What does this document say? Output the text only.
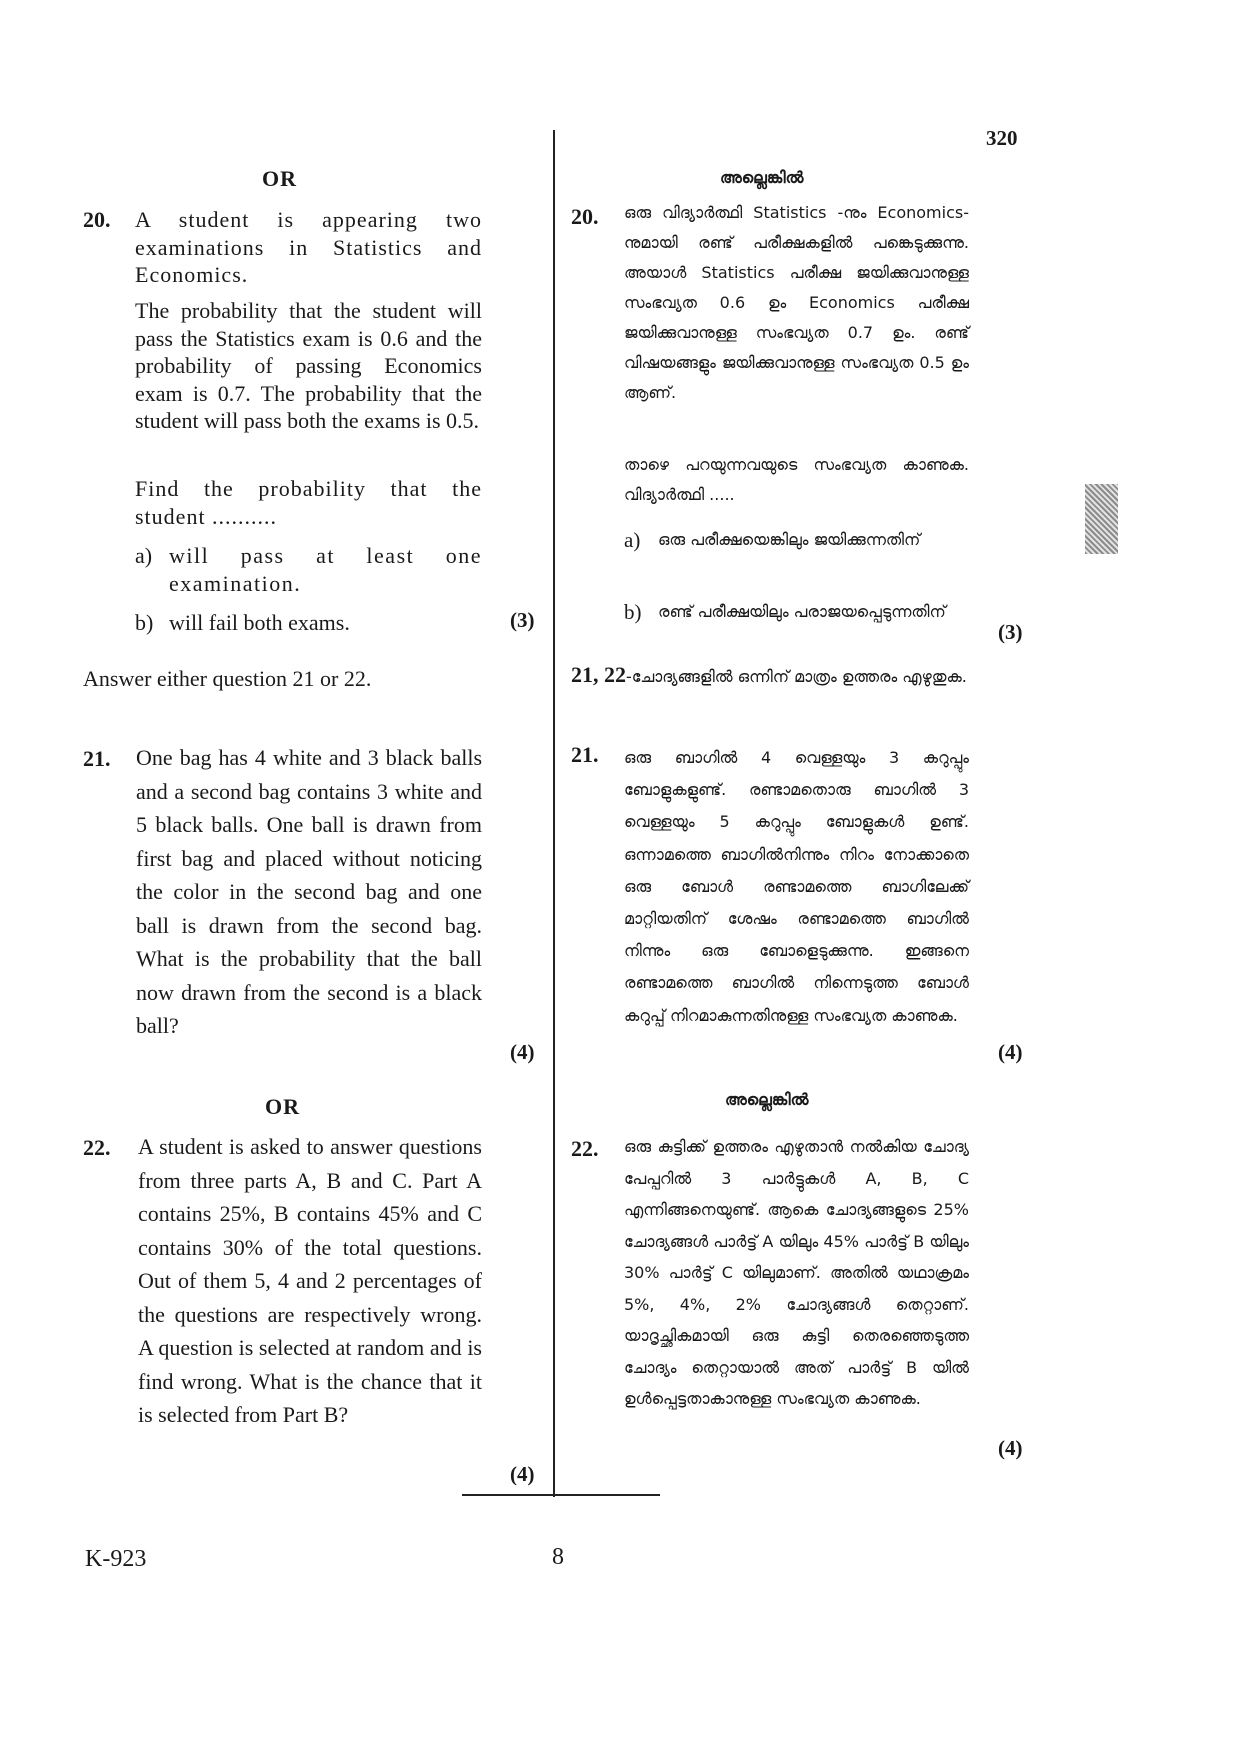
320
K-923	8
OR
20. A student is appearing two examinations in Statistics and Economics.
The probability that the student will pass the Statistics exam is 0.6 and the probability of passing Economics exam is 0.7. The probability that the student will pass both the exams is 0.5.
Find the probability that the student ..........
a) will pass at least one examination.
b) will fail both exams.	(3)
Answer either question 21 or 22.
21. One bag has 4 white and 3 black balls and a second bag contains 3 white and 5 black balls. One ball is drawn from first bag and placed without noticing the color in the second bag and one ball is drawn from the second bag. What is the probability that the ball now drawn from the second is a black ball?
(4)
OR
22. A student is asked to answer questions from three parts A, B and C. Part A contains 25%, B contains 45% and C contains 30% of the total questions. Out of them 5, 4 and 2 percentages of the questions are respectively wrong. A question is selected at random and is find wrong. What is the chance that it is selected from Part B?
(4)
അല്ലെങ്കിൽ
20. ഒരു വിദ്യാർത്ഥി Statistics -നും Economics-നുമായി രണ്ട് പരീക്ഷകളിൽ പങ്കെടുക്കുന്നു. അയാൾ Statistics പരീക്ഷ ജയിക്കുവാനുള്ള സംഭവ്യത 0.6 ഉം Economics പരീക്ഷ ജയിക്കുവാനുള്ള സംഭവ്യത 0.7 ഉം. രണ്ട് വിഷയങ്ങളും ജയിക്കുവാനുള്ള സംഭവ്യത 0.5 ഉം ആണ്.
താഴെ പറയുന്നവയുടെ സംഭവ്യത കാണുക. വിദ്യാർത്ഥി .....
a)	ഒരു പരീക്ഷയെങ്കിലും ജയിക്കുന്നതിന്
b)	രണ്ട് പരീക്ഷയിലും പരാജയപ്പെടുന്നതിന്
(3)
21, 22-ചോദ്യങ്ങളിൽ ഒന്നിന് മാത്രം ഉത്തരം എഴുതുക.
21. ഒരു ബാഗിൽ 4 വെള്ളയും 3 കറുപ്പും ബോളുകളുണ്ട്. രണ്ടാമതൊരു ബാഗിൽ 3 വെള്ളയും 5 കറുപ്പും ബോളുകൾ ഉണ്ട്. ഒന്നാമത്തെ ബാഗിൽനിന്നും നിറം നോക്കാതെ ഒരു ബോൾ രണ്ടാമത്തെ ബാഗിലേക്ക് മാറ്റിയതിന് ശേഷം രണ്ടാമത്തെ ബാഗിൽ നിന്നും ഒരു ബോളെടുക്കുന്നു. ഇങ്ങനെ രണ്ടാമത്തെ ബാഗിൽ നിന്നെടുത്ത ബോൾ കറുപ്പ് നിറമാകുന്നതിനുള്ള സംഭവ്യത കാണുക.
(4)
അല്ലെങ്കിൽ
22. ഒരു കുട്ടിക്ക് ഉത്തരം എഴുതാൻ നൽകിയ ചോദ്യ പേപ്പറിൽ 3 പാർട്ടുകൾ A, B, C എന്നിങ്ങനെയുണ്ട്. ആകെ ചോദ്യങ്ങളുടെ 25% ചോദ്യങ്ങൾ പാർട്ട് A യിലും 45% പാർട്ട് B യിലും 30% പാർട്ട് C യിലുമാണ്. അതിൽ യഥാക്രമം 5%, 4%, 2% ചോദ്യങ്ങൾ തെറ്റാണ്. യാദൃച്ഛികമായി ഒരു കുട്ടി തെരഞ്ഞെടുത്ത ചോദ്യം തെറ്റായാൽ അത് പാർട്ട് B യിൽ ഉൾപ്പെട്ടതാകാനുള്ള സംഭവ്യത കാണുക.
(4)
